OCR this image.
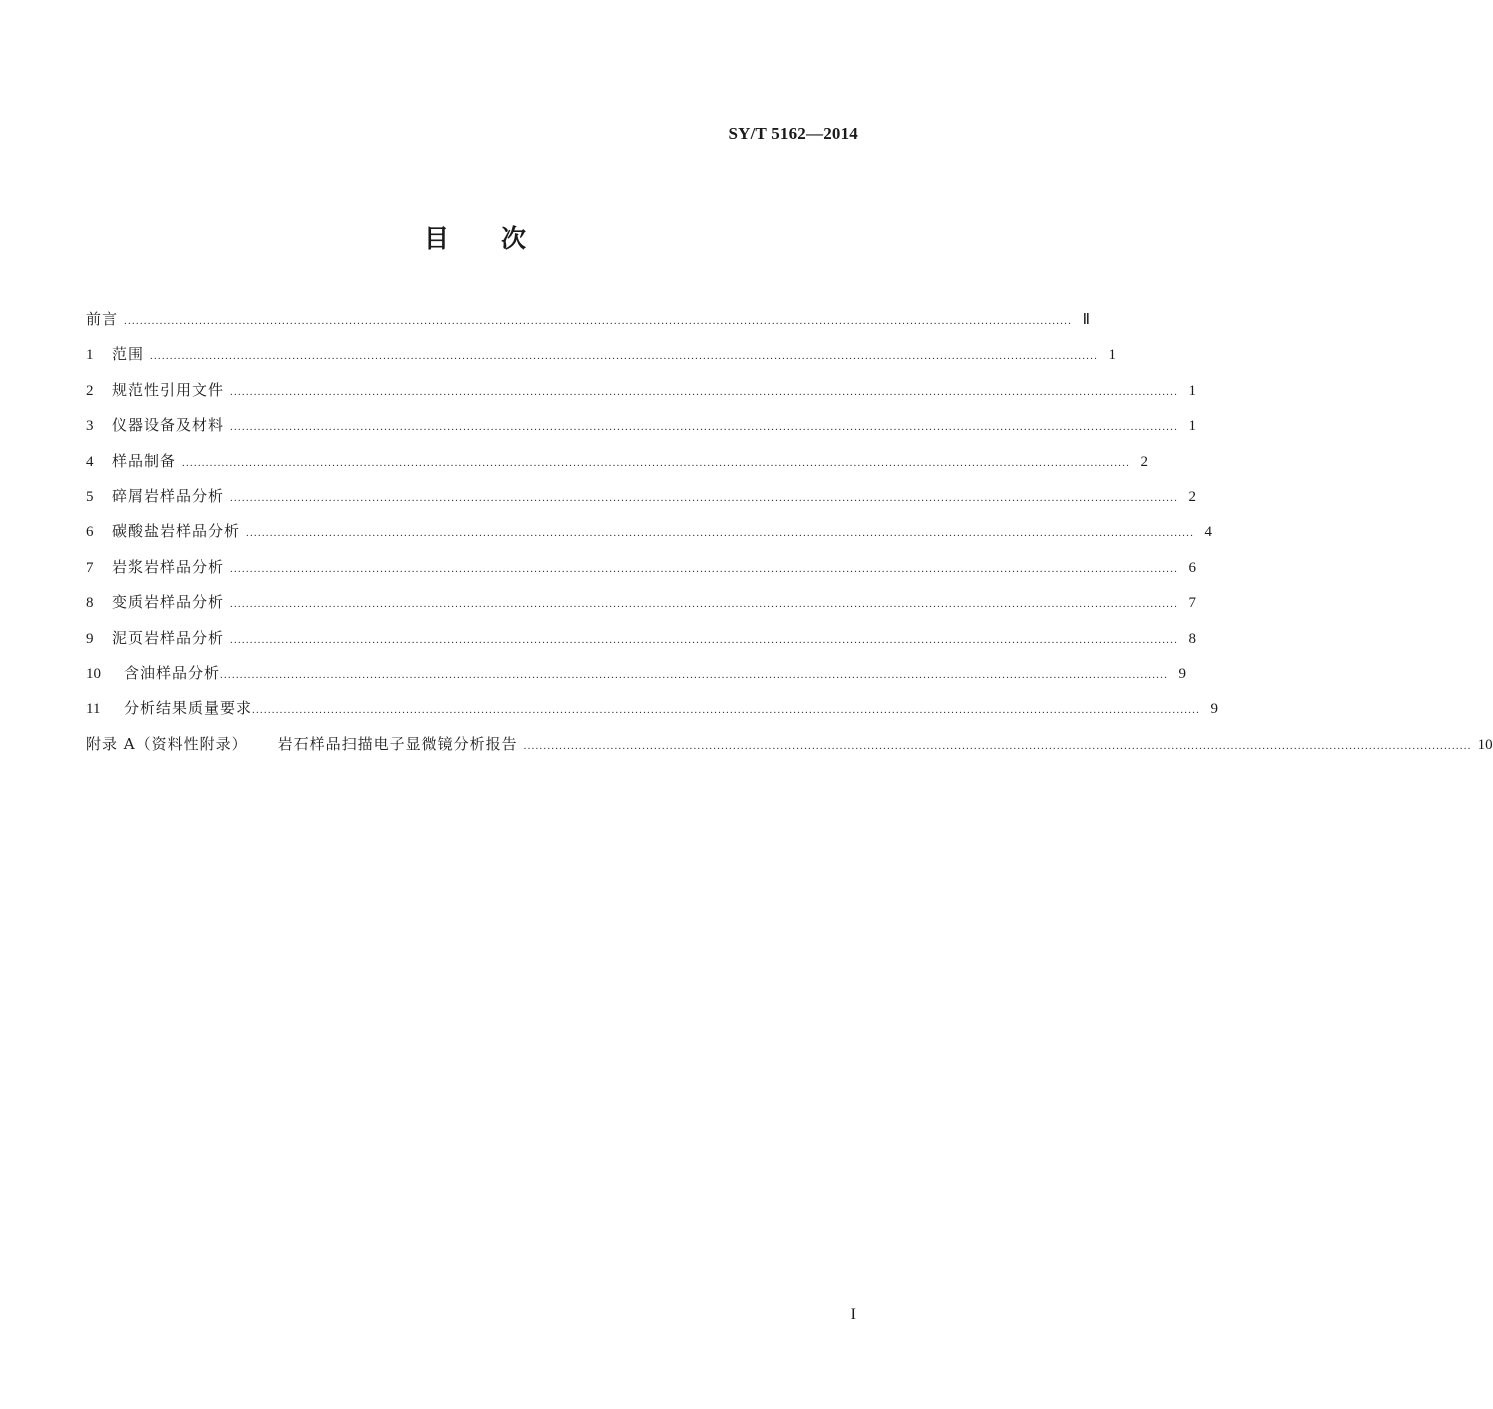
SY/T 5162—2014
目次
前言 ................................................................................................................................................................................................................................................ Ⅱ
1	范围 ................................................................................................................................................................................................................................................ 1
2	规范性引用文件 ................................................................................................................................................................................................................................................ 1
3	仪器设备及材料 ................................................................................................................................................................................................................................................ 1
4	样品制备 ................................................................................................................................................................................................................................................ 2
5	碎屑岩样品分析 ................................................................................................................................................................................................................................................ 2
6	碳酸盐岩样品分析 ................................................................................................................................................................................................................................................ 4
7	岩浆岩样品分析 ................................................................................................................................................................................................................................................ 6
8	变质岩样品分析 ................................................................................................................................................................................................................................................ 7
9	泥页岩样品分析 ................................................................................................................................................................................................................................................ 8
10	含油样品分析 ................................................................................................................................................................................................................................................ 9
11	分析结果质量要求 ................................................................................................................................................................................................................................................ 9
附录 A（资料性附录） 岩石样品扫描电子显微镜分析报告 ................................................................................................................................................................................................................................................ 10
I
